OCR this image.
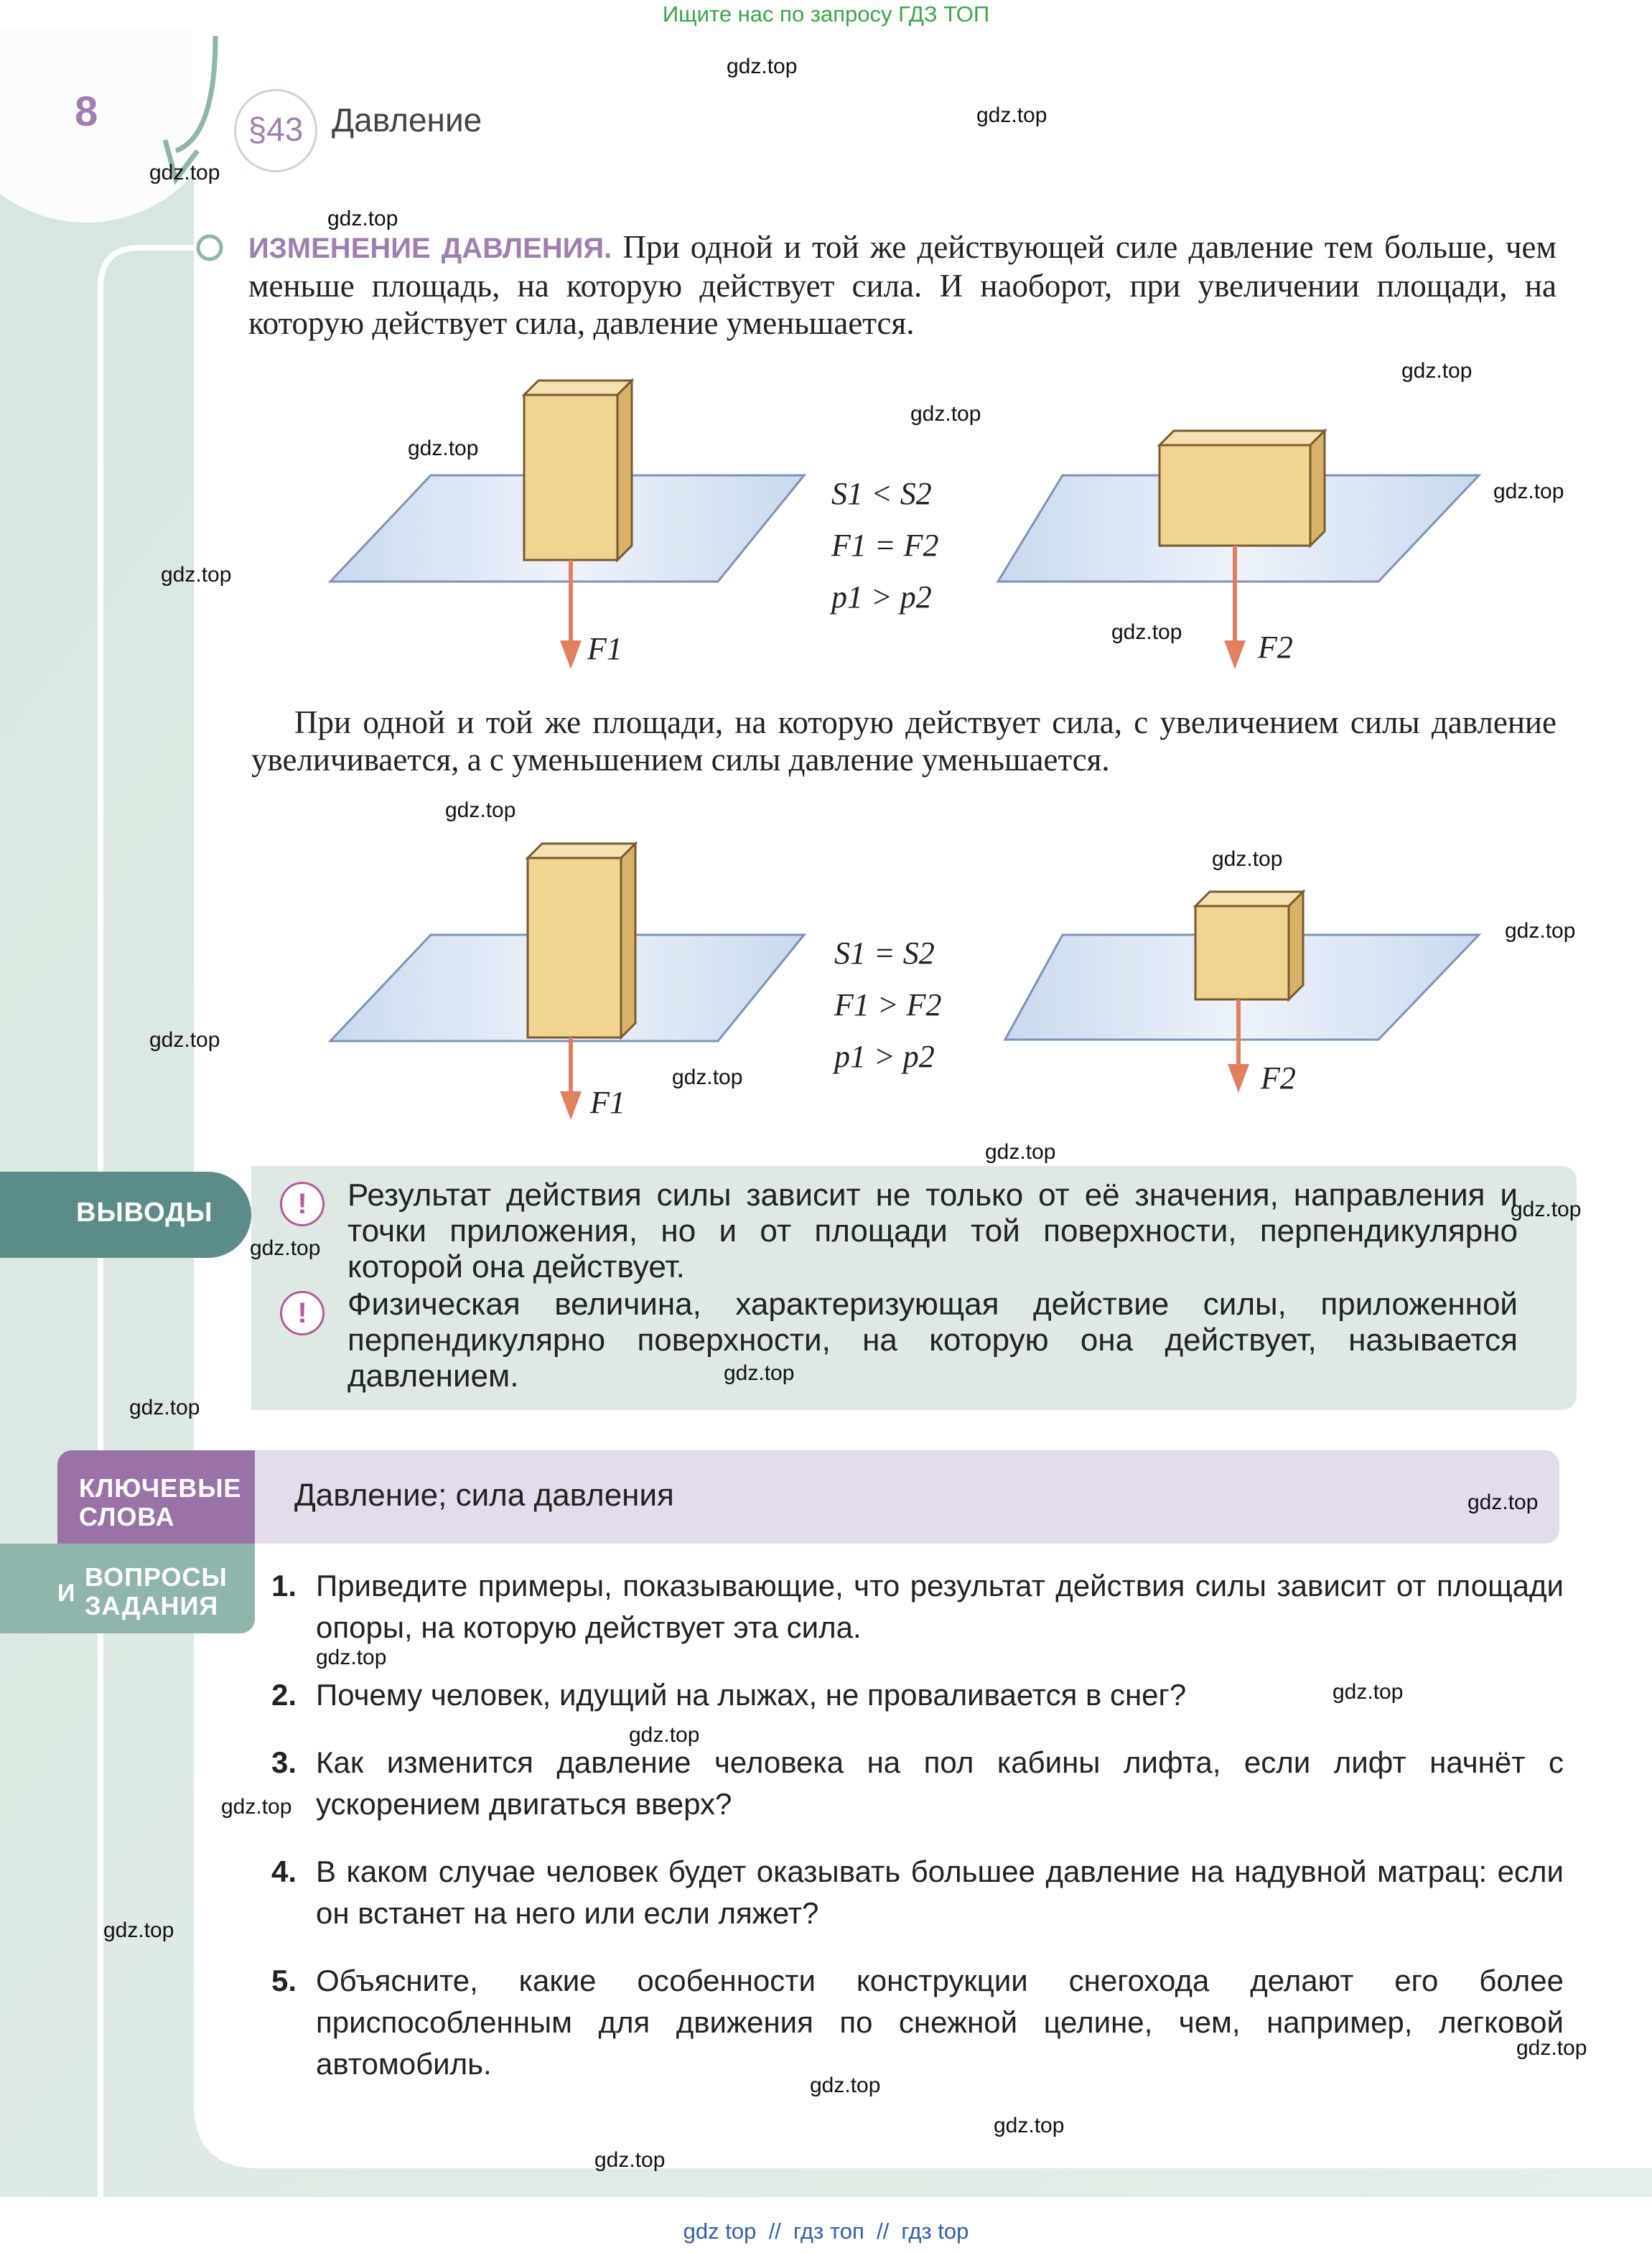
Ищите нас по запросу ГДЗ ТОП
8	§43 Давление
ИЗМЕНЕНИЕ ДАВЛЕНИЯ. При одной и той же действующей силе давление тем больше, чем меньше площадь, на которую действует сила. И наоборот, при увеличении площади, на которую действует сила, давление уменьшается.
S1 < S2
F1 = F2
p1 > p2
F1	F2
При одной и той же площади, на которую действует сила, с увеличением силы давление увеличивается, а с уменьшением силы давление уменьшается.
S1 = S2
F1 > F2
p1 > p2
F1
F2
ВЫВОДЫ	!	Результат действия силы зависит не только от её значения, направления и точки приложения, но и от площади той поверхности, перпендикулярно которой она действует.
!	Физическая величина, характеризующая действие силы, приложенной перпендикулярно поверхности, на которую она действует, называется давлением.
КЛЮЧЕВЫЕ
СЛОВА
Давление; сила давления
И
ВОПРОСЫ
ЗАДАНИЯ
1. Приведите примеры, показывающие, что результат действия силы зависит от площади опоры, на которую действует эта сила.
2. Почему человек, идущий на лыжах, не проваливается в снег?
3. Как изменится давление человека на пол кабины лифта, если лифт начнёт с ускорением двигаться вверх?
4. В каком случае человек будет оказывать большее давление на надувной матрац: если он встанет на него или если ляжет?
5. Объясните, какие особенности конструкции снегохода делают его более приспособленным для движения по снежной целине, чем, например, легковой автомобиль.
gdz.top
gdz.top
gdz.top
gdz.top
gdz.top
gdz.top
gdz.top
gdz.top
gdz.top
gdz.top
gdz.top
gdz.top
gdz.top
gdz.top
gdz.top
gdz.top
gdz.top
gdz.top
gdz.top
gdz.top
gdz.top
gdz.top
gdz.top
gdz.top
gdz.top
gdz.top
gdz.top
gdz.top
gdz.top
gdz.top
gdz top  //  гдз топ  //  гдз top
